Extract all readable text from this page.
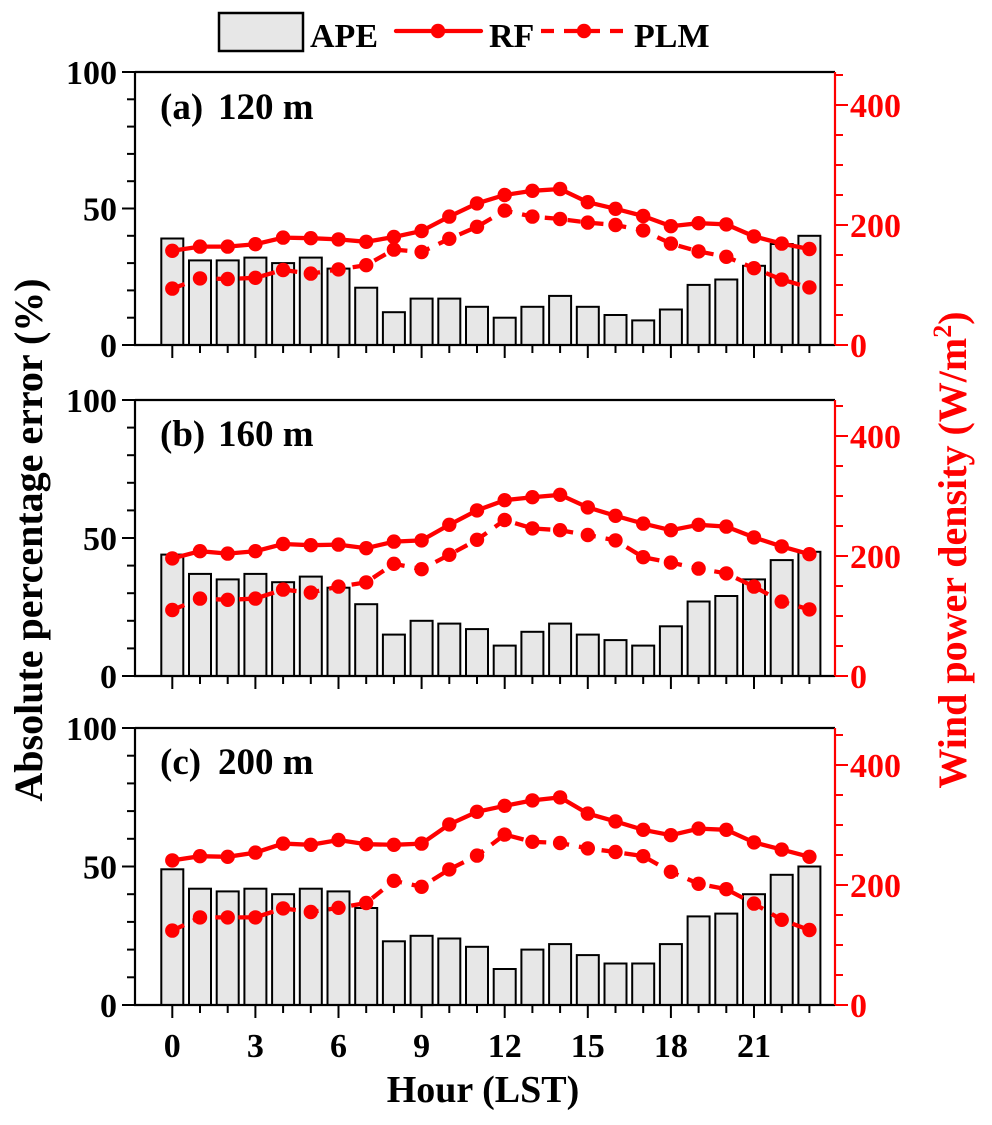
APE	RF	PLM
Absolute percentage error (%)	Wind power density $(W/m^2)$
Hour (LST)
0
50
100
0
200
400
0
50
100
0
200
400
0
50
100
0
200
400
0 3 6 9 12 15 18 21
(a) 120 m
(b) 160 m
(c) 200 m
